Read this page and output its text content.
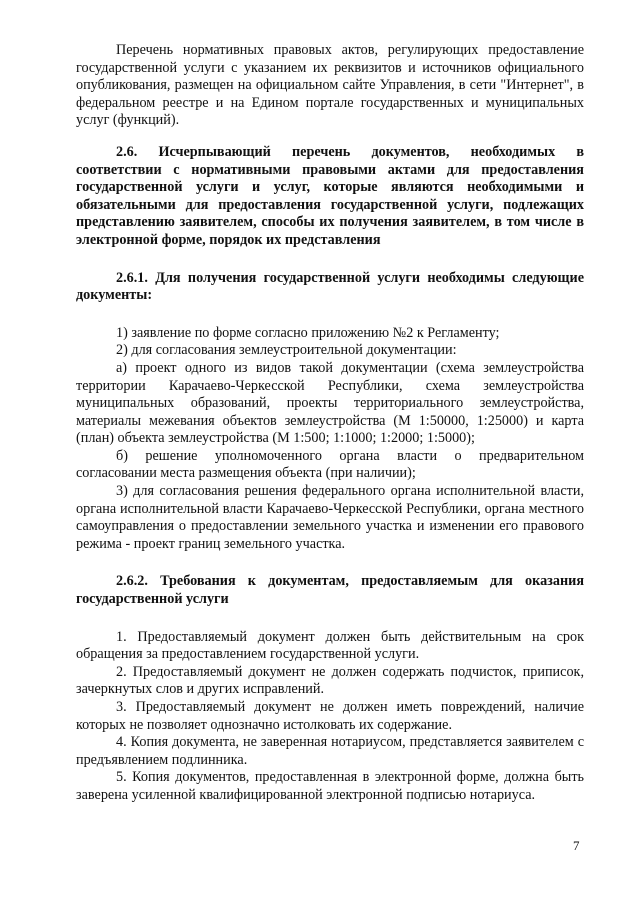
Перечень нормативных правовых актов, регулирующих предоставление государственной услуги с указанием их реквизитов и источников официального опубликования, размещен на официальном сайте Управления, в сети "Интернет", в федеральном реестре и на Едином портале государственных и муниципальных услуг (функций).

2.6. Исчерпывающий перечень документов, необходимых в соответствии с нормативными правовыми актами для предоставления государственной услуги и услуг, которые являются необходимыми и обязательными для предоставления государственной услуги, подлежащих представлению заявителем, способы их получения заявителем, в том числе в электронной форме, порядок их представления

2.6.1. Для получения государственной услуги необходимы следующие документы:

1) заявление по форме согласно приложению №2 к Регламенту;

2) для согласования землеустроительной документации:

а) проект одного из видов такой документации (схема землеустройства территории Карачаево-Черкесской Республики, схема землеустройства муниципальных образований, проекты территориального землеустройства, материалы межевания объектов землеустройства (М 1:50000, 1:25000) и карта (план) объекта землеустройства (М 1:500; 1:1000; 1:2000; 1:5000);

б) решение уполномоченного органа власти о предварительном согласовании места размещения объекта (при наличии);

3) для согласования решения федерального органа исполнительной власти, органа исполнительной власти Карачаево-Черкесской Республики, органа местного самоуправления о предоставлении земельного участка и изменении его правового режима - проект границ земельного участка.

2.6.2. Требования к документам, предоставляемым для оказания государственной услуги

1. Предоставляемый документ должен быть действительным на срок обращения за предоставлением государственной услуги.

2. Предоставляемый документ не должен содержать подчисток, приписок, зачеркнутых слов и других исправлений.

3. Предоставляемый документ не должен иметь повреждений, наличие которых не позволяет однозначно истолковать их содержание.

4. Копия документа, не заверенная нотариусом, представляется заявителем с предъявлением подлинника.

5. Копия документов, предоставленная в электронной форме, должна быть заверена усиленной квалифицированной электронной подписью нотариуса.

7
